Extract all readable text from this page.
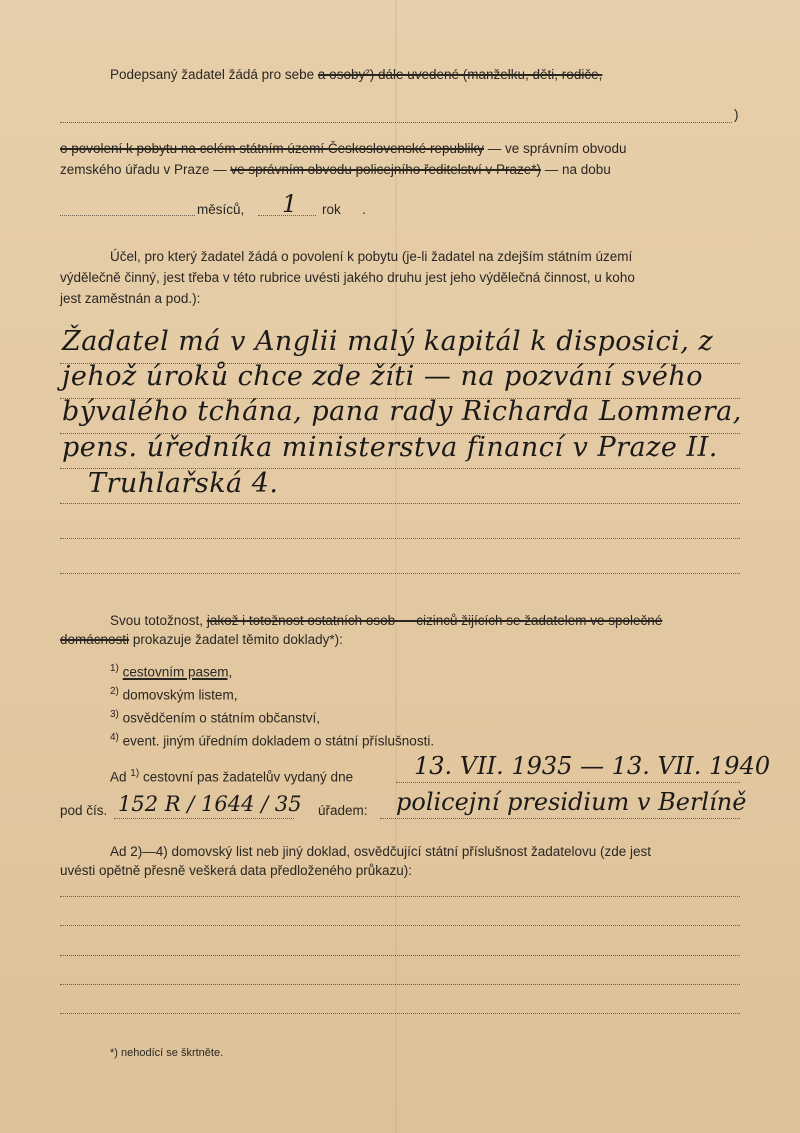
Podepsaný žadatel žádá pro sebe a osoby²) dále uvedené (manželku, děti, rodiče,
)
o povolení k pobytu na celém státním území Československé republiky — ve správním obvodu
zemského úřadu v Praze — ve správním obvodu policejního ředitelství v Praze*) — na dobu
měsíců, 1 rok .
Účel, pro který žadatel žádá o povolení k pobytu (je-li žadatel na zdejším státním území
výdělečně činný, jest třeba v této rubrice uvésti jakého druhu jest jeho výdělečná činnost, u koho
jest zaměstnán a pod.):
Žadatel má v Anglii malý kapitál k disposici, z
jehož úroků chce zde žíti — na pozvání svého
bývalého tchána, pana rady Richarda Lommera,
pens. úředníka ministerstva financí v Praze II.
Truhlařská 4.
Svou totožnost, jakož i totožnost ostatních osob — cizinců žijících se žadatelem ve společné
domácnosti prokazuje žadatel těmito doklady*):
$^{1)}$ cestovním pasem,
$^{2)}$ domovským listem,
$^{3)}$ osvědčením o státním občanství,
$^{4)}$ event. jiným úředním dokladem o státní příslušnosti.
Ad $^{1)}$ cestovní pas žadatelův vydaný dne	13. VII. 1935 — 13. VII. 1940
pod čís. 152 R / 1644 / 35 úřadem: policejní presidium v Berlíně
Ad 2)—4) domovský list neb jiný doklad, osvědčující státní příslušnost žadatelovu (zde jest
uvésti opětně přesně veškerá data předloženého průkazu):
*) nehodící se škrtněte.
